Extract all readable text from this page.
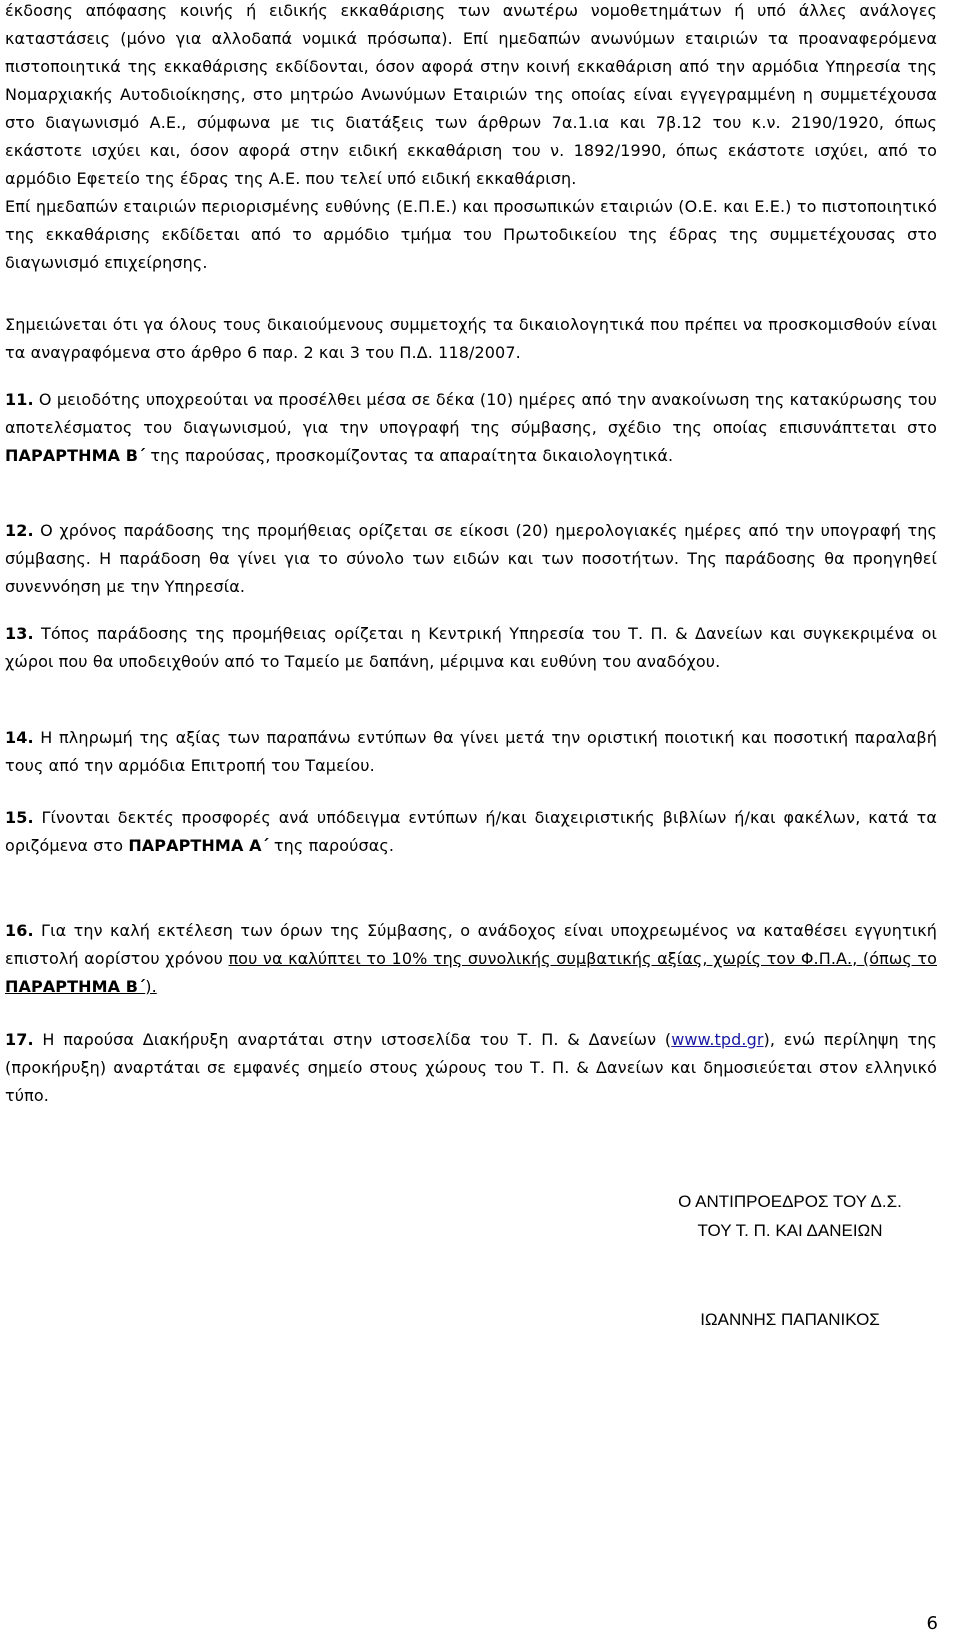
έκδοσης απόφασης κοινής ή ειδικής εκκαθάρισης των ανωτέρω νομοθετημάτων ή υπό άλλες ανάλογες καταστάσεις (μόνο για αλλοδαπά νομικά πρόσωπα). Επί ημεδαπών ανωνύμων εταιριών τα προαναφερόμενα πιστοποιητικά της εκκαθάρισης εκδίδονται, όσον αφορά στην κοινή εκκαθάριση από την αρμόδια Υπηρεσία της Νομαρχιακής Αυτοδιοίκησης, στο μητρώο Ανωνύμων Εταιριών της οποίας είναι εγγεγραμμένη η συμμετέχουσα στο διαγωνισμό Α.Ε., σύμφωνα με τις διατάξεις των άρθρων 7α.1.ια και 7β.12 του κ.ν. 2190/1920, όπως εκάστοτε ισχύει και, όσον αφορά στην ειδική εκκαθάριση του ν. 1892/1990, όπως εκάστοτε ισχύει, από το αρμόδιο Εφετείο της έδρας της Α.Ε. που τελεί υπό ειδική εκκαθάριση.
Επί ημεδαπών εταιριών περιορισμένης ευθύνης (Ε.Π.Ε.) και προσωπικών εταιριών (Ο.Ε. και Ε.Ε.) το πιστοποιητικό της εκκαθάρισης εκδίδεται από το αρμόδιο τμήμα του Πρωτοδικείου της έδρας της συμμετέχουσας στο διαγωνισμό επιχείρησης.

Σημειώνεται ότι γα όλους τους δικαιούμενους συμμετοχής τα δικαιολογητικά που πρέπει να προσκομισθούν είναι τα αναγραφόμενα στο άρθρο 6 παρ. 2 και 3 του Π.Δ. 118/2007.

11. Ο μειοδότης υποχρεούται να προσέλθει μέσα σε δέκα (10) ημέρες από την ανακοίνωση της κατακύρωσης του αποτελέσματος του διαγωνισμού, για την υπογραφή της σύμβασης, σχέδιο της οποίας επισυνάπτεται στο ΠΑΡΑΡΤΗΜΑ Β΄ της παρούσας, προσκομίζοντας τα απαραίτητα δικαιολογητικά.

12. Ο χρόνος παράδοσης της προμήθειας ορίζεται σε είκοσι (20) ημερολογιακές ημέρες από την υπογραφή της σύμβασης. Η παράδοση θα γίνει για το σύνολο των ειδών και των ποσοτήτων. Της παράδοσης θα προηγηθεί συνεννόηση με την Υπηρεσία.

13. Τόπος παράδοσης της προμήθειας ορίζεται η Κεντρική Υπηρεσία του Τ. Π. & Δανείων και συγκεκριμένα οι χώροι που θα υποδειχθούν από το Ταμείο με δαπάνη, μέριμνα και ευθύνη του αναδόχου.

14. Η πληρωμή της αξίας των παραπάνω εντύπων θα γίνει μετά την οριστική ποιοτική και ποσοτική παραλαβή τους από την αρμόδια Επιτροπή του Ταμείου.

15. Γίνονται δεκτές προσφορές ανά υπόδειγμα εντύπων ή/και διαχειριστικής βιβλίων ή/και φακέλων, κατά τα οριζόμενα στο ΠΑΡΑΡΤΗΜΑ Α΄ της παρούσας.

16. Για την καλή εκτέλεση των όρων της Σύμβασης, ο ανάδοχος είναι υποχρεωμένος να καταθέσει εγγυητική επιστολή αορίστου χρόνου που να καλύπτει το 10% της συνολικής συμβατικής αξίας, χωρίς τον Φ.Π.Α., (όπως το ΠΑΡΑΡΤΗΜΑ Β΄).

17. Η παρούσα Διακήρυξη αναρτάται στην ιστοσελίδα του Τ. Π. & Δανείων (www.tpd.gr), ενώ περίληψη της (προκήρυξη) αναρτάται σε εμφανές σημείο στους χώρους του Τ. Π. & Δανείων και δημοσιεύεται στον ελληνικό τύπο.

Ο ΑΝΤΙΠΡΟΕΔΡΟΣ ΤΟΥ Δ.Σ.
ΤΟΥ Τ. Π. ΚΑΙ ΔΑΝΕΙΩΝ
ΙΩΑΝΝΗΣ ΠΑΠΑΝΙΚΟΣ
6
